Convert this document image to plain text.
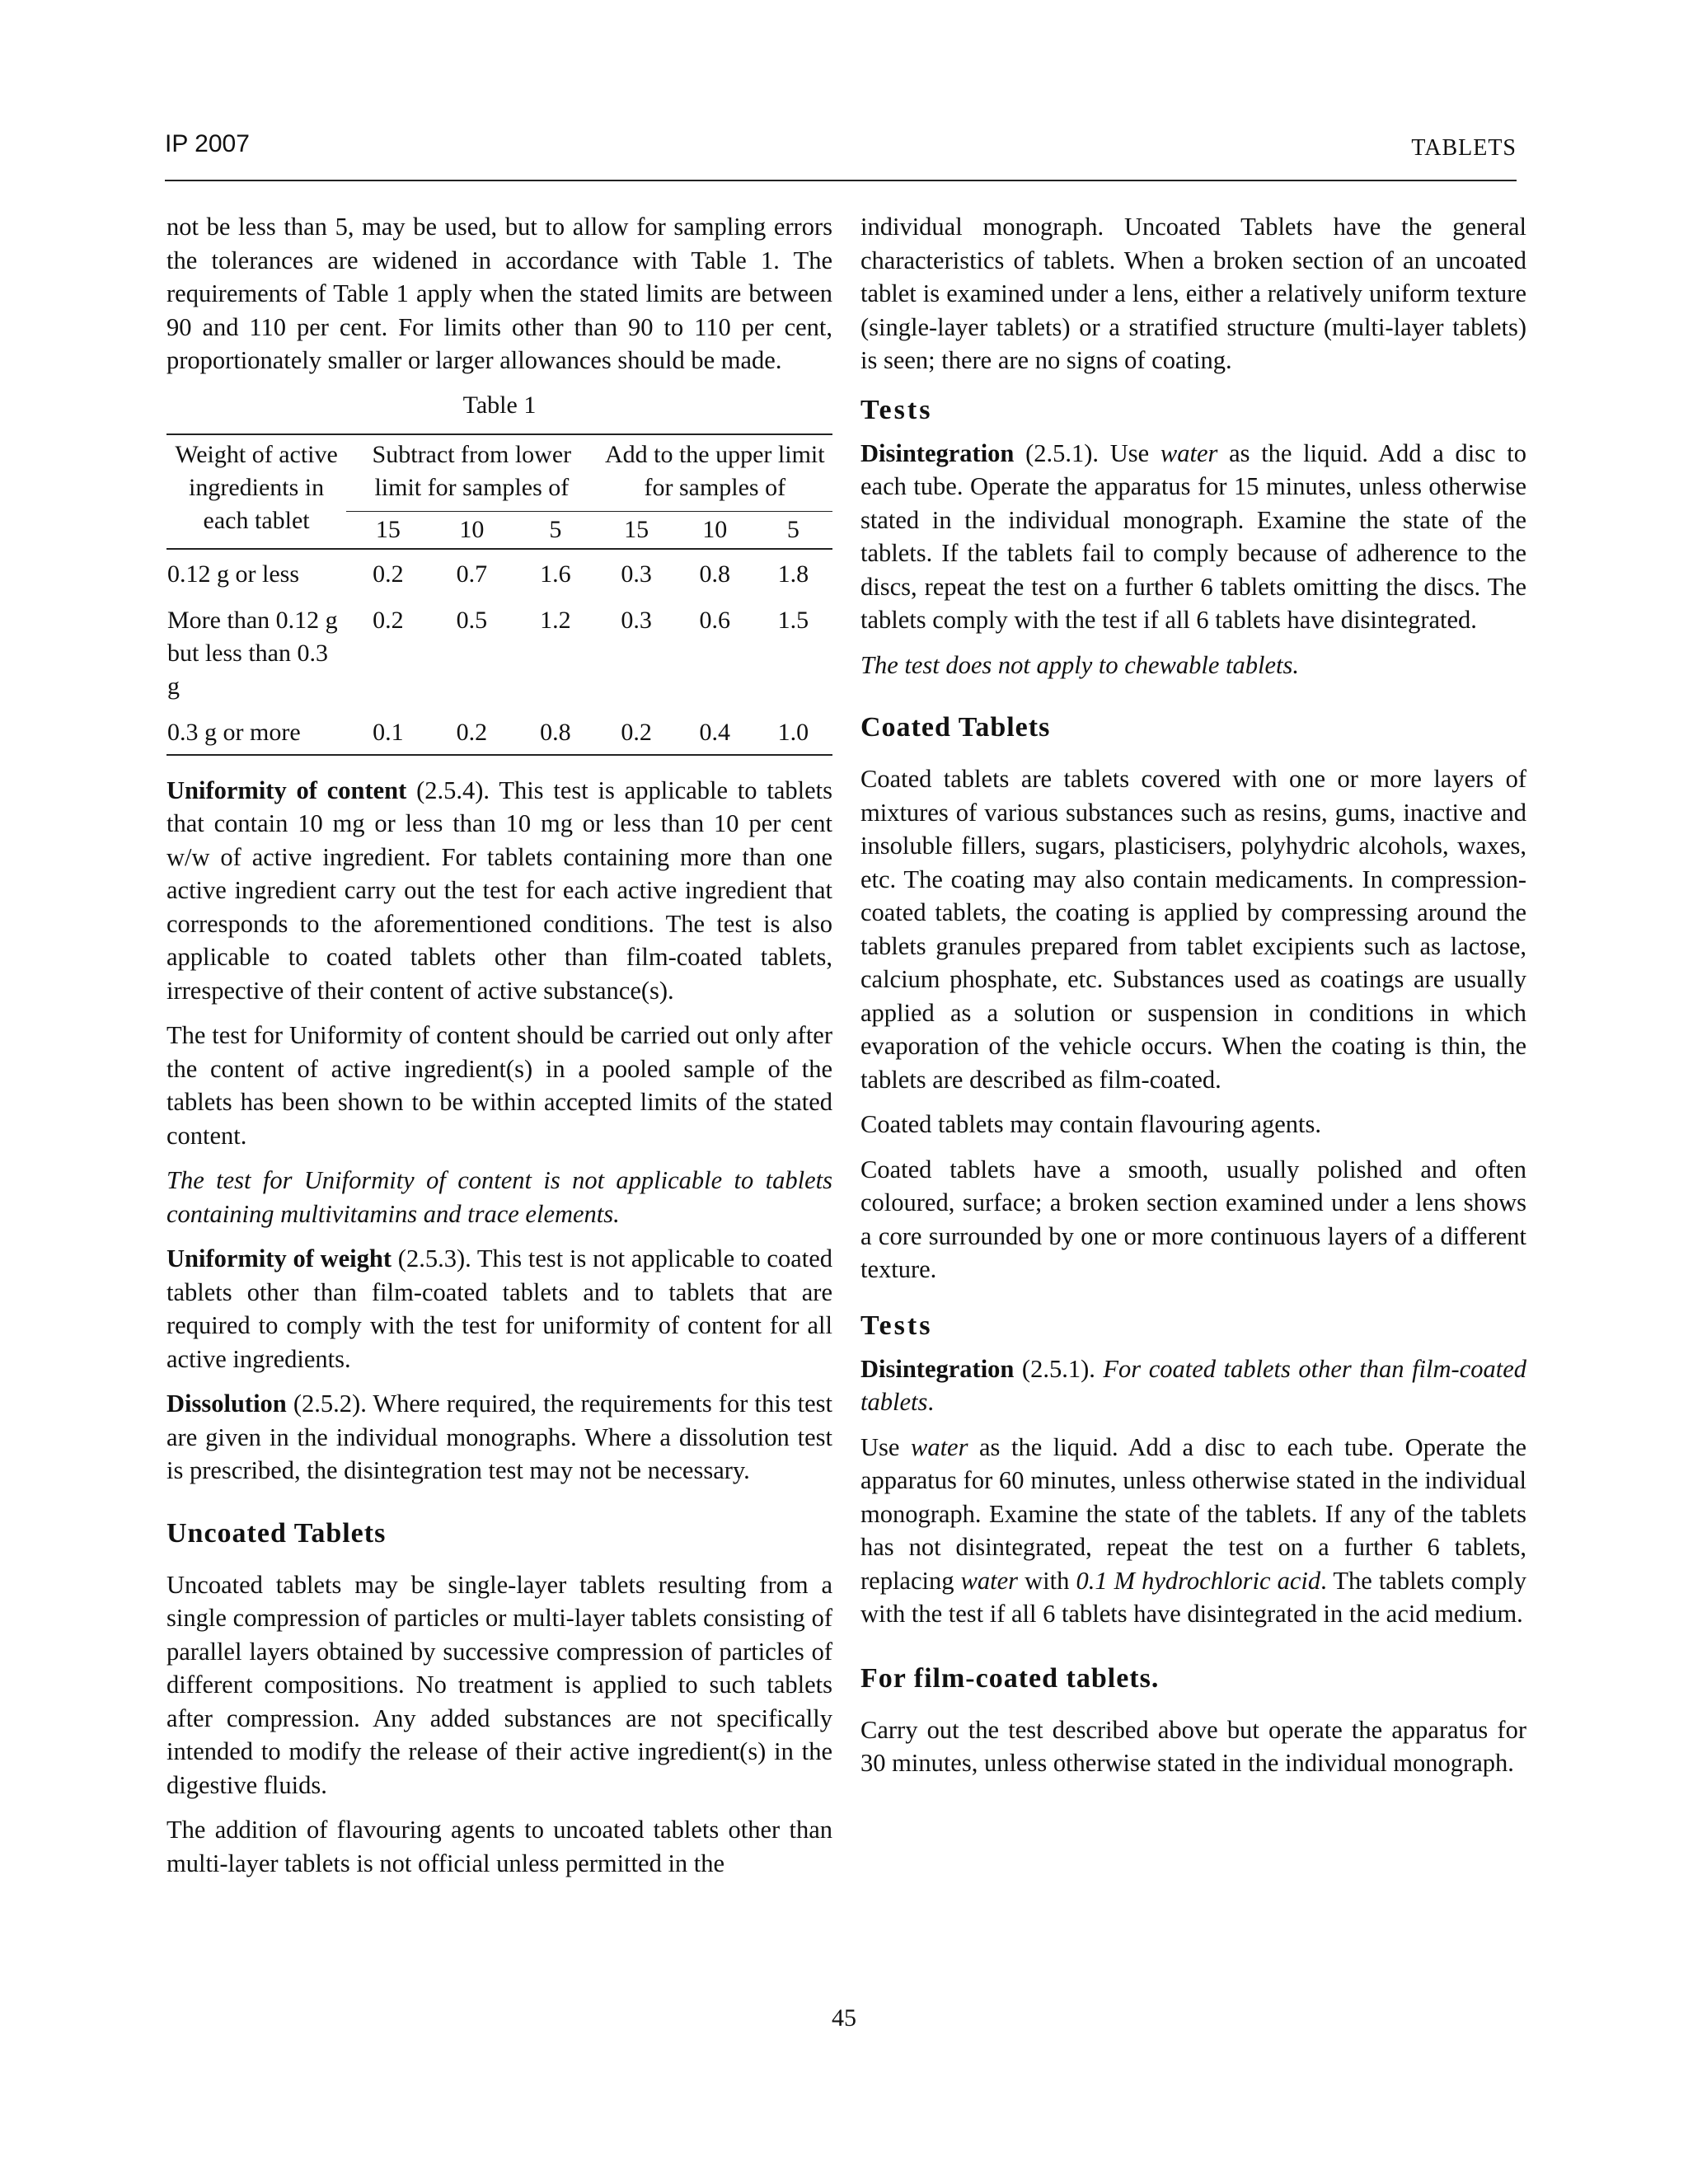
IP 2007	TABLETS

not be less than 5, may be used, but to allow for sampling errors the tolerances are widened in accordance with Table 1. The requirements of Table 1 apply when the stated limits are between 90 and 110 per cent. For limits other than 90 to 110 per cent, proportionately smaller or larger allowances should be made.

Table 1
Weight of active ingredients in each tablet	Subtract from lower limit for samples of			Add to the upper limit for samples of		
	15	10	5	15	10	5
0.12 g or less	0.2	0.7	1.6	0.3	0.8	1.8
More than 0.12 g but less than 0.3 g	0.2	0.5	1.2	0.3	0.6	1.5
0.3 g or more	0.1	0.2	0.8	0.2	0.4	1.0

Uniformity of content (2.5.4). This test is applicable to tablets that contain 10 mg or less than 10 mg or less than 10 per cent w/w of active ingredient. For tablets containing more than one active ingredient carry out the test for each active ingredient that corresponds to the aforementioned conditions. The test is also applicable to coated tablets other than film-coated tablets, irrespective of their content of active substance(s).

The test for Uniformity of content should be carried out only after the content of active ingredient(s) in a pooled sample of the tablets has been shown to be within accepted limits of the stated content.

The test for Uniformity of content is not applicable to tablets containing multivitamins and trace elements.

Uniformity of weight (2.5.3). This test is not applicable to coated tablets other than film-coated tablets and to tablets that are required to comply with the test for uniformity of content for all active ingredients.

Dissolution (2.5.2). Where required, the requirements for this test are given in the individual monographs. Where a dissolution test is prescribed, the disintegration test may not be necessary.

Uncoated Tablets

Uncoated tablets may be single-layer tablets resulting from a single compression of particles or multi-layer tablets consisting of parallel layers obtained by successive compression of particles of different compositions. No treatment is applied to such tablets after compression. Any added substances are not specifically intended to modify the release of their active ingredient(s) in the digestive fluids.

The addition of flavouring agents to uncoated tablets other than multi-layer tablets is not official unless permitted in the

individual monograph. Uncoated Tablets have the general characteristics of tablets. When a broken section of an uncoated tablet is examined under a lens, either a relatively uniform texture (single-layer tablets) or a stratified structure (multi-layer tablets) is seen; there are no signs of coating.

Tests

Disintegration (2.5.1). Use water as the liquid. Add a disc to each tube. Operate the apparatus for 15 minutes, unless otherwise stated in the individual monograph. Examine the state of the tablets. If the tablets fail to comply because of adherence to the discs, repeat the test on a further 6 tablets omitting the discs. The tablets comply with the test if all 6 tablets have disintegrated.

The test does not apply to chewable tablets.

Coated Tablets

Coated tablets are tablets covered with one or more layers of mixtures of various substances such as resins, gums, inactive and insoluble fillers, sugars, plasticisers, polyhydric alcohols, waxes, etc. The coating may also contain medicaments. In compression-coated tablets, the coating is applied by compressing around the tablets granules prepared from tablet excipients such as lactose, calcium phosphate, etc. Substances used as coatings are usually applied as a solution or suspension in conditions in which evaporation of the vehicle occurs. When the coating is thin, the tablets are described as film-coated.

Coated tablets may contain flavouring agents.

Coated tablets have a smooth, usually polished and often coloured, surface; a broken section examined under a lens shows a core surrounded by one or more continuous layers of a different texture.

Tests

Disintegration (2.5.1). For coated tablets other than film-coated tablets.

Use water as the liquid. Add a disc to each tube. Operate the apparatus for 60 minutes, unless otherwise stated in the individual monograph. Examine the state of the tablets. If any of the tablets has not disintegrated, repeat the test on a further 6 tablets, replacing water with 0.1 M hydrochloric acid. The tablets comply with the test if all 6 tablets have disintegrated in the acid medium.

For film-coated tablets.

Carry out the test described above but operate the apparatus for 30 minutes, unless otherwise stated in the individual monograph.

45
